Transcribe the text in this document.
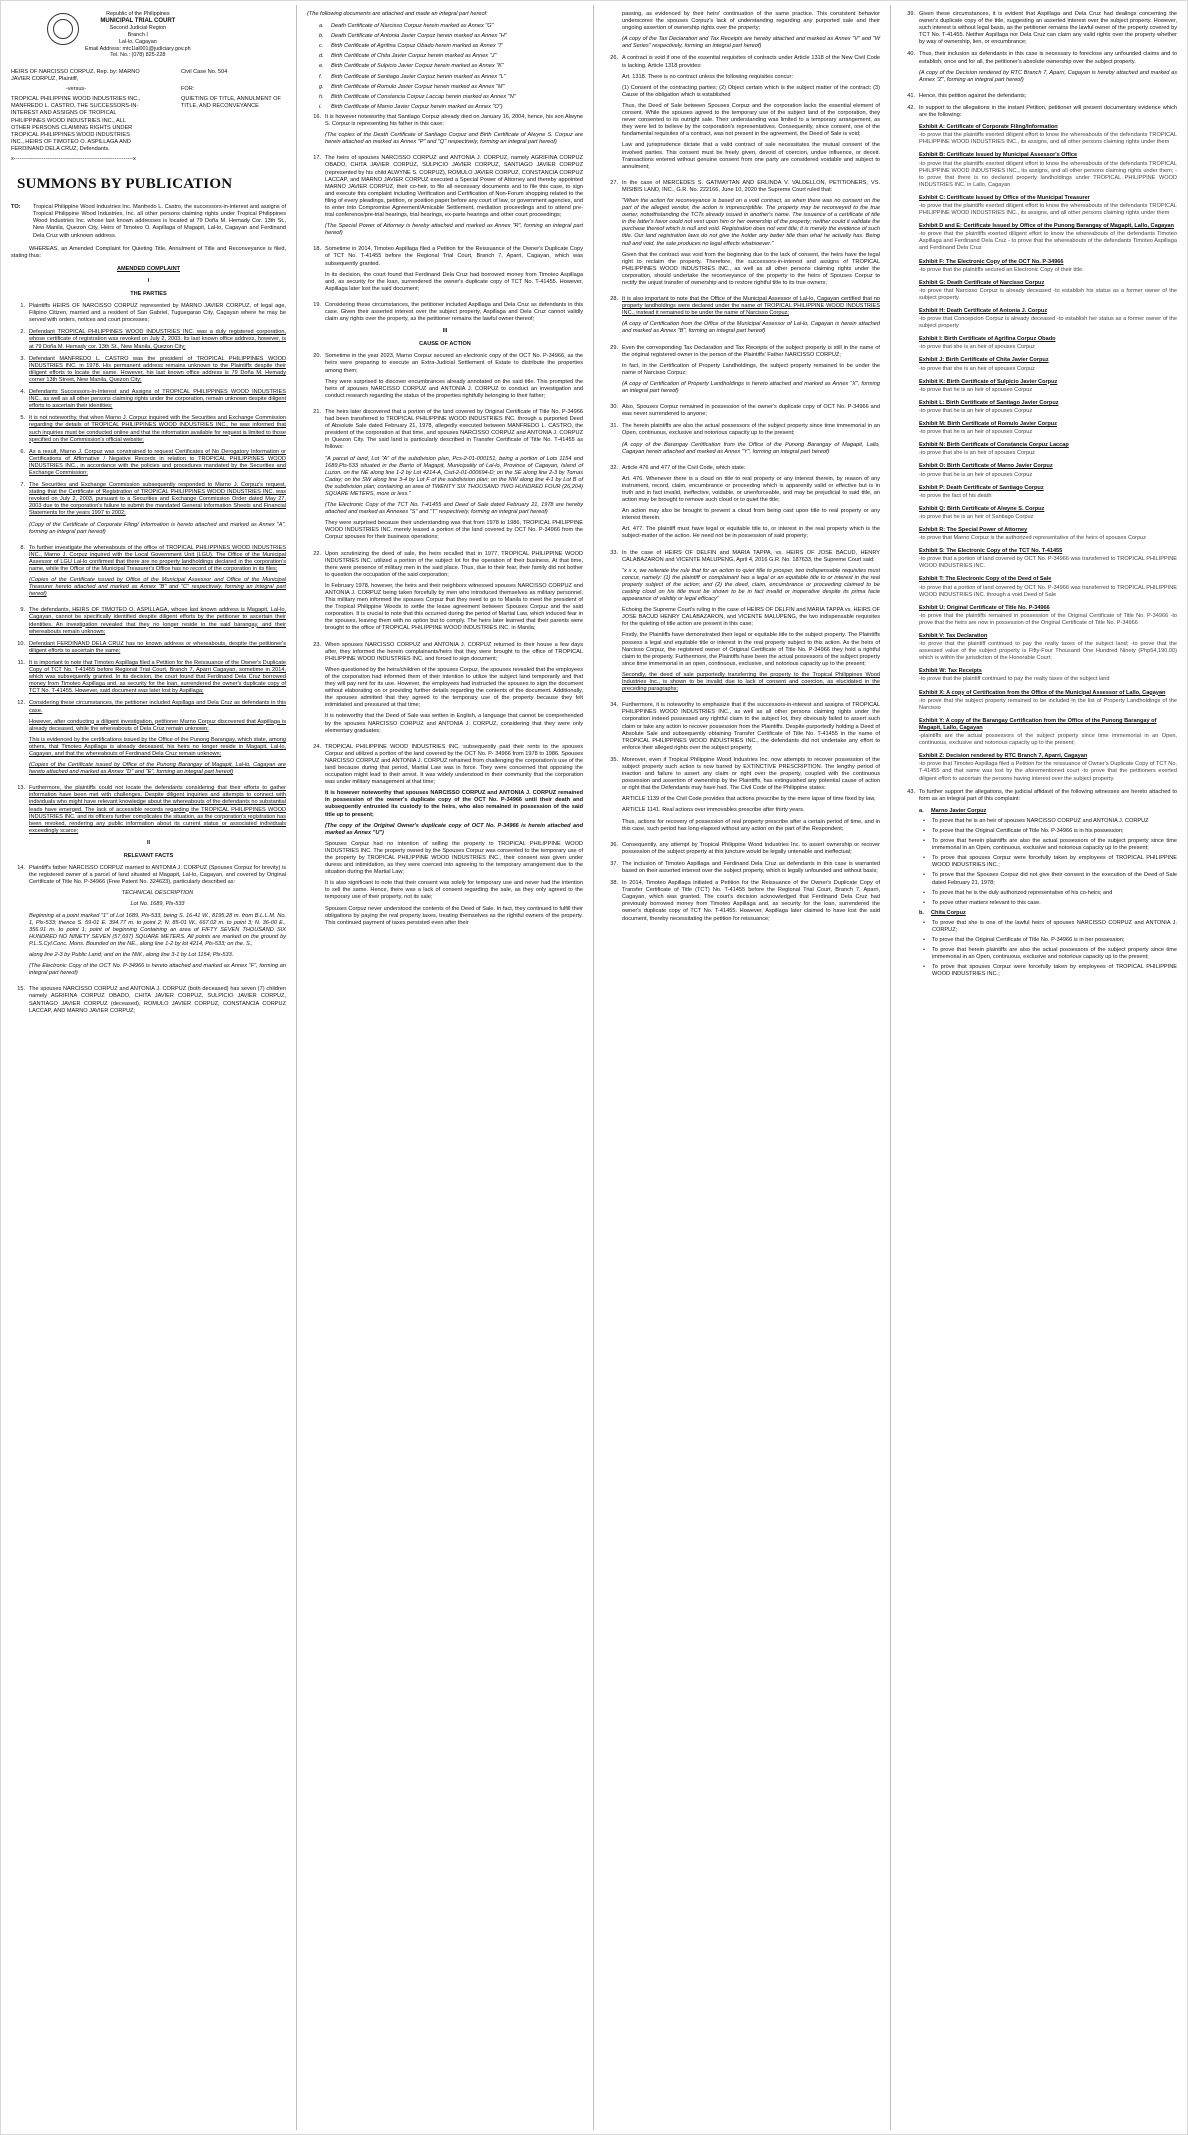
Republic of the Philippines
MUNICIPAL TRIAL COURT
Second Judicial Region
Branch I
Lal-lo, Cagayan
Email Address: mtc1lal001@judiciary.gov.ph
Tel. No.: (078) 825-228
HEIRS OF NARCISSO CORPUZ, Rep. by: MARNO JAVIER CORPUZ, Plaintiff,
Civil Case No. 504
-versus-	FOR:
TROPICAL PHILIPPINE WOOD INDUSTRIES INC., MANFREDO L. CASTRO, THE SUCCESSORS-IN-INTEREST AND ASSIGNS OF TROPICAL PHILIPPINES WOOD INDUSTRIES INC., ALL OTHER PERSONS CLAIMING RIGHTS UNDER TROPICAL PHILIPPINES WOOD INDUSTRIES INC., HEIRS OF TIMOTEO O. ASPILLAGA AND FERDINAND DELA CRUZ, Defendants.
QUIETING OF TITLE, ANNULMENT OF TITLE, AND RECONVEYANCE
x----------------------------------------------------------------x
SUMMONS BY PUBLICATION
TO:	Tropical Philippine Wood Industries Inc. Manfredo L. Castro, the successors-in-interest and assigns of Tropical Philippine Wood Industries, Inc. all other persons claiming rights under Tropical Philippines Wood Industries Inc. whose last known addresses is located at 79 Doña M. Hemady Cor. 13th St., New Manila, Quezon City, Heirs of Timoteo O. Aspillaga of Magapit, Lal-lo, Cagayan and Ferdinand Dela Cruz with unknown address.

WHEREAS, an Amended Complaint for Quieting Title, Annulment of Title and Reconveyance is filed, stating thus:

AMENDED COMPLAINT
I
THE PARTIES
1. Plaintiffs HEIRS OF NARCISSO CORPUZ represented by MARNO JAVIER CORPUZ, of legal age, Filipino Citizen, married and a resident of San Gabriel, Tuguegarao City, Cagayan where he may be served with orders, notices and court processes;
2. Defendant TROPICAL PHILIPPINES WOOD INDUSTRIES INC. was a duly registered corporation, whose certificate of registration was revoked on July 2, 2003. Its last known office address, however, is at 79 Doña M. Hemady cor. 13th St., New Manila, Quezon City;
3. Defendant MANFREDO L. CASTRO was the president of TROPICAL PHILIPPINES WOOD INDUSTRIES INC. in 1978. His permanent address remains unknown to the Plaintiffs despite their diligent efforts to locate the same. However, his last known office address is 79 Doña M. Hemady corner 13th Street, New Manila, Quezon City;
4. Defendants Successors-in-Interest and Assigns of TROPICAL PHILIPPINES WOOD INDUSTRIES INC., as well as all other persons claiming rights under the corporation, remain unknown despite diligent efforts to ascertain their identities;
5. It is not noteworthy, that when Marno J. Corpuz inquired with the Securities and Exchange Commission regarding the details of TROPICAL PHILIPPINES WOOD INDUSTRIES INC., he was informed that such inquiries must be conducted online and that the information available for request is limited to those specified on the Commission's official website;
6. As a result, Marno J. Corpuz was constrained to request Certificates of No Derogatory Information or Certifications of Affirmative / Negative Records in relation to TROPICAL PHILIPPINES WOOD INDUSTRIES INC., in accordance with the policies and procedures mandated by the Securities and Exchange Commission;
7. The Securities and Exchange Commission subsequently responded to Marno J. Corpuz's request, stating that the Certificate of Registration of TROPICAL PHILIPPINES WOOD INDUSTRIES INC. was revoked on July 2, 2003, pursuant to a Securities and Exchange Commission Order dated May 27, 2003 due to the corporation's failure to submit the mandated General Information Sheets and Financial Statements for the years 1997 to 2002;
(Copy of the Certificate of Corporate Filing/ Information is hereto attached and marked as Annex "A", forming an integral part hereof)
8. To further investigate the whereabouts of the office of TROPICAL PHILIPPINES WOOD INDUSTRIES INC., Marno J. Corpuz inquired with the Local Government Unit (LGU). The Office of the Municipal Assessor of LGU Lal-lo confirmed that there are no property landholdings declared in the corporation's name, while the Office of the Municipal Treasurer's Office has no record of the corporation in its files;
(Copies of the Certificate issued by Office of the Municipal Assessor and Office of the Municipal Treasurer hereto attached and marked as Annex "B" and "C" respectively, forming an integral part hereof)
9. The defendants, HEIRS OF TIMOTEO O. ASPILLAGA, whose last known address is Magapit, Lal-lo, Cagayan, cannot be specifically identified despite diligent efforts by the petitioner to ascertain their identities. An investigation revealed that they no longer reside in the said barangay, and their whereabouts remain unknown;
10. Defendant FERDINAND DELA CRUZ has no known address or whereabouts, despite the petitioner's diligent efforts to ascertain the same;
11. It is important to note that Timoteo Aspillaga filed a Petition for the Reissuance of the Owner's Duplicate Copy of TCT No. T-41455 before Regional Trial Court, Branch 7, Aparri Cagayan, sometime in 2014, which was subsequently granted. In its decision, the court found that Ferdinand Dela Cruz borrowed money from Timoteo Aspillaga and, as security for the loan, surrendered the owner's duplicate copy of TCT No. T-41455. However, said document was later lost by Aspillaga;
12. Considering these circumstances, the petitioner included Aspillaga and Dela Cruz as defendants in this case.
However, after conducting a diligent investigation, petitioner Marno Corpuz discovered that Aspillaga is already deceased, while the whereabouts of Dela Cruz remain unknown;
This is evidenced by the certifications issued by the Office of the Punong Barangay, which state, among others, that Timoteo Aspillaga is already deceased, his heirs no longer reside in Magapit, Lal-lo, Cagayan, and that the whereabouts of Ferdinand Dela Cruz remain unknown;
(Copies of the Certificate issued by Office of the Punong Barangay of Magapit, Lal-lo, Cagayan are hereto attached and marked as Annex "D" and "E", forming an integral part hereof)
13. Furthermore, the plaintiffs could not locate the defendants considering that their efforts to gather information have been met with challenges. Despite diligent inquiries and attempts to connect with individuals who might have relevant knowledge about the whereabouts of the defendants no substantial leads have emerged. The lack of accessible records regarding the TROPICAL PHILIPPINES WOOD INDUSTRIES INC. and its officers further complicates the situation, as the corporation's registration has been revoked, rendering any public information about its current status or associated individuals exceedingly scarce;
II
RELEVANT FACTS
14. Plaintiff's father NARCISSO CORPUZ married to ANTONIA J. CORPUZ (Spouses Corpuz for brevity) is the registered owner of a parcel of land situated at Magapit, Lal-lo, Cagayan, and covered by Original Certificate of Title No. P-34966 (Free Patent No. 324623), particularly described as:
TECHNICAL DESCRIPTION
Lot No. 1689, Pls-533
Beginning at a point marked "1" of Lot 1689, Pls-533, being S. 16-41 W., 8195.28 m. from B.L.L.M. No. 1, Pls-533; thence S. 59-01 E. 394.77 m. to point 2; N. 85-01 W., 667.02 m. to point 3; N. 36-00 E., 356.91 m. to point 1; point of beginning Containing an area of FIFTY SEVEN THOUSAND SIX HUNDRED NO NINETY SEVEN (57,697) SQUARE METERS. All points are marked on the ground by P.L.S.Cyl.Conc. Mons. Bounded on the NE., along line 1-2 by lot 4214, Pls-533; on the. S.,
along line 2-3 by Public Land; and on the NW., along line 3-1 by Lot 1154, Pls-533.
(The Electronic Copy of the OCT No. P-34966 is hereto attached and marked as Annex "F", forming an integral part hereof)
15. The spouses NARCISSO CORPUZ and ANTONIA J. CORPUZ (both deceased) has seven (7) children namely AGRIFINA CORPUZ OBADO, CHITA JAVIER CORPUZ, SULPICIO JAVIER CORPUZ, SANTIAGO JAVIER CORPUZ (deceased), ROMULO JAVIER CORPUZ, CONSTANCIA CORPUZ LACCAP, AND MARNO JAVIER CORPUZ;

(The following documents are attached and made an integral part hereof:

a.	Death Certificate of Narcisso Corpuz herein marked as Annex "G"
b.	Death Certificate of Antonia Javier Corpuz herein marked as Annex "H"
c.	Birth Certificate of Agrifina Corpuz Obado herein marked as Annex "I"
d.	Birth Certificate of Chita Javier Corpuz herein marked as Annex "J"
e.	Birth Certificate of Sulpicio Javier Corpuz herein marked as Annex "K"
f.	Birth Certificate of Santiago Javier Corpuz herein marked as Annex "L"
g.	Birth Certificate of Romulo Javier Corpuz herein marked as Annex "M"
h.	Birth Certificate of Constancia Corpuz Laccap herein marked as Annex "N"
i.	Birth Certificate of Marno Javier Corpuz herein marked as Annex "O")
16. It is however noteworthy that Santiago Corpuz already died on January 16, 2004, hence, his son Alwyne S. Corpuz is representing his father in this case;
(The copies of the Death Certificate of Santiago Corpuz and Birth Certificate of Alwyne S. Corpuz are herein attached an marked as Annex "P" and "Q" respectively, forming an integral part hereof)
17. The heirs of spouses NARCISSO CORPUZ and ANTONIA J. CORPUZ, namely AGRIFINA CORPUZ OBADO, CHITA JAVIER CORPUZ, SULPICIO JAVIER CORPUZ, SANTIAGO JAVIER CORPUZ (represented by his child ALWYNE S. CORPUZ), ROMULO JAVIER CORPUZ, CONSTANCIA CORPUZ LACCAP, and MARNO JAVIER CORPUZ executed a Special Power of Attorney and thereby appointed MARNO JAVIER CORPUZ, their co-heir, to file all necessary documents and to file this case, to sign and execute this complaint including Verification and Certification of Non-Forum shopping related to the filing of every pleadings, petition, or position paper before any court of law, or government agencies, and to enter into Compromise Agreement/Amicable Settlement, mediation proceedings and to attend pre-trial conference/pre-trial hearings, trial hearings, ex-parte hearings and other court proceedings;
(The Special Power of Attorney is hereby attached and marked as Annex "R", forming an integral part hereof)
18. Sometime in 2014, Timoteo Aspillaga filed a Petition for the Reissuance of the Owner's Duplicate Copy of TCT No. T-41455 before the Regional Trial Court, Branch 7, Aparri, Cagayan, which was subsequently granted.
In its decision, the court found that Ferdinand Dela Cruz had borrowed money from Timoteo Aspillaga and, as security for the loan, surrendered the owner's duplicate copy of TCT No. T-41455. However, Aspillaga later lost the said document;
19. Considering these circumstances, the petitioner included Aspillaga and Dela Cruz as defendants in this case. Given their asserted interest over the subject property, Aspillaga and Dela Cruz cannot validly claim any rights over the property, as the petitioner remains the lawful owner thereof;
III
CAUSE OF ACTION
20. Sometime in the year 2023, Marno Corpuz secured an electronic copy of the OCT No. P-34966, as the heirs were preparing to execute an Extra-Judicial Settlement of Estate to distribute the properties among them;
They were surprised to discover encumbrances already annotated on the said title. This prompted the heirs of spouses NARCISSO CORPUZ and ANTONIA J. CORPUZ to conduct an investigation and conduct research regarding the status of the properties rightfully belonging to their father;
21. The heirs later discovered that a portion of the land covered by Original Certificate of Title No. P-34966 had been transferred to TROPICAL PHILIPPINE WOOD INDUSTRIES INC. through a purported Deed of Absolute Sale dated February 21, 1978, allegedly executed between MANFREDO L. CASTRO, the president of the corporation at that time, and spouses NARCISSO CORPUZ and ANTONIA J. CORPUZ in Quezon City. The said land is particularly described in Transfer Certificate of Title No. T-41455 as follows:
"A parcel of land, Lot "A" of the subdivision plan, Pcs-2-01-000151, being a portion of Lots 1154 and 1689,Pls-533 situated in the Barrio of Magapit, Municipality of Lal-lo, Province of Cagayan, Island of Luzon. on the NE along line 1-2 by Lot 4214-A, Csd-2-01-000694-D; on the SE along line 2-3 by Tomas Caday; on the SW along line 3-4 by Lot F of the subdivision plan; on the NW along line 4-1 by Lot B of the subdivision plan; containing an area of TWENTY SIX THOUSAND TWO HUNDRED FOUR (26,204) SQUARE METERS, more or less."
(The Electronic Copy of the TCT No. T-41455 and Deed of Sale dated February 21, 1978 are hereby attached and marked as Annexes "S" and "T" respectively, forming an integral part hereof)
They were surprised because their understanding was that from 1978 to 1986, TROPICAL PHILIPPINE WOOD INDUSTRIES INC. merely leased a portion of the land covered by OCT No. P-34966 from the Corpuz spouses for their business operations;
22. Upon scrutinizing the deed of sale, the heirs recalled that in 1977, TROPICAL PHILIPPINE WOOD INDUSTRIES INC. utilized a portion of the subject lot for the operation of their business. At that time, there were presence of military men in the said place. Thus, due to their fear, their family did not bother to question the occupation of the said corporation;
In February 1978, however, the heirs and their neighbors witnessed spouses NARCISSO CORPUZ and ANTONIA J. CORPUZ being taken forcefully by men who introduced themselves as military personnel. This military men informed the spouses Corpuz that they need to go to Manila to meet the president of the Tropical Philippine Woods to settle the lease agreement between Spouses Corpuz and the said corporation. It is crucial to note that this occurred during the period of Martial Law, which induced fear in the spouses, leaving them with no option but to comply. The heirs later learned that their parents were brought to the office of TROPICAL PHILIPPINE WOOD INDUSTRIES INC. in Manila;
23. When spouses NARCISSO CORPUZ and ANTONIA J. CORPUZ returned to their house a few days after, they informed the herein complainants/heirs that they were brought to the office of TROPICAL PHILIPPINE WOOD INDUSTRIES INC. and forced to sign document;
When questioned by the heirs/children of the spouses Corpuz, the spouses revealed that the employees of the corporation had informed them of their intention to utilize the subject land temporarily and that they will pay rent for its use. However, the employees had instructed the spouses to sign the document without elaborating on or providing further details regarding the contents of the document. Additionally, the spouses admitted that they agreed to the temporary use of the property because they felt intimidated and pressured at that time;
It is noteworthy that the Deed of Sale was written in English, a language that cannot be comprehended by the spouses NARCISSO CORPUZ and ANTONIA J. CORPUZ, considering that they were only elementary graduates;
24. TROPICAL PHILIPPINE WOOD INDUSTRIES INC. subsequently paid their rents to the spouses Corpuz and utilized a portion of the land covered by the OCT No. P- 34966 from 1978 to 1986. Spouses NARCISSO CORPUZ and ANTONIA J. CORPUZ refrained from challenging the corporation's use of the land because during that period, Martial Law was in force. They were concerned that opposing the occupation might lead to their arrest. It was widely understood in their community that the corporation was under military management at that time;
It is however noteworthy that spouses NARCISSO CORPUZ and ANTONIA J. CORPUZ remained in possession of the owner's duplicate copy of the OCT No. P-34966 until their death and subsequently entrusted its custody to the heirs, who also remained in possession of the said title up to present;
(The copy of the Original Owner's duplicate copy of OCT No. P-34966 is herein attached and marked as Annex "U")
Spouses Corpuz had no intention of selling the property to TROPICAL PHILIPPINE WOOD INDUSTRIES INC. The property owned by the Spouses Corpuz was consented to the temporary use of the property by TROPICAL PHILIPPINE WOOD INDUSTRIES INC., their consent was given under duress and intimidation, as they were coerced into agreeing to the temporary arrangement due to the situation during the Martial Law;
It is also significant to note that their consent was solely for temporary use and never had the intention to sell the same. Hence, there was a lack of consent regarding the sale, as they only agreed to the temporary use of their property, not its sale;
Spouses Corpuz never understood the contents of the Deed of Sale. In fact, they continued to fulfill their obligations by paying the real property taxes, treating themselves as the rightful owners of the property. This continued payment of taxes persisted even after their
passing, as evidenced by their heirs' continuation of the same practice. This consistent behavior underscores the spouses Corpuz's lack of understanding regarding any purported sale and their ongoing assertion of ownership rights over the property;
(A copy of the Tax Declaration and Tax Receipts are hereby attached and marked as Annex "V" and "W and Series" respectively, forming an integral part hereof)
26. A contract is void if one of the essential requisites of contracts under Article 1318 of the New Civil Code is lacking. Article 1318 provides:
Art. 1318. There is no contract unless the following requisites concur:
(1) Consent of the contracting parties; (2) Object certain which is the subject matter of the contract; (3) Cause of the obligation which is established
Thus, the Deed of Sale between Spouses Corpuz and the corporation lacks the essential element of consent. While the spouses agreed to the temporary use of the subject land of the corporation, they never consented to its outright sale. Their understanding was limited to a temporary arrangement, as they were led to believe by the corporation's representatives. Consequently, since consent, one of the fundamental requisites of a contract, was not present in the agreement, the Deed of Sale is void;
Law and jurisprudence dictate that a valid contract of sale necessitates the mutual consent of the involved parties. This consent must be freely given, devoid of coercion, undue influence, or deceit. Transactions entered without genuine consent from one party are considered voidable and subject to annulment;
27. In the case of MERCEDES S. GATMAYTAN AND ERLINDA V. VALDELLON, PETITIONERS, VS. MISIBIS LAND, INC., G.R. No. 222166, June 10, 2020 the Supreme Court ruled that:
"When the action for reconveyance is based on a void contract, as when there was no consent on the part of the alleged vendor, the action is imprescriptible. The property may be reconveyed to the true owner, notwithstanding the TCTs already issued in another's name. The issuance of a certificate of title in the latter's favor could not vest upon him or her ownership of the property; neither could it validate the purchase thereof which is null and void. Registration does not vest title; it is merely the evidence of such title. Our land registration laws do not give the holder any better title than what he actually has. Being null and void, the sale produces no legal effects whatsoever."
Given that the contract was void from the beginning due to the lack of consent, the heirs have the legal right to reclaim the property. Therefore, the successors-in-interest and assigns of TROPICAL PHILIPPINES WOOD INDUSTRIES INC., as well as all other persons claiming rights under the corporation, should undertake the reconveyance of the property to the heirs of Spouses Corpuz to rectify the unjust transfer of ownership and to restore rightful title to its true owners;
28. It is also important to note that the Office of the Municipal Assessor of Lal-lo, Cagayan certified that no property landholdings were declared under the name of TROPICAL PHILIPPINE WOOD INDUSTRIES INC., instead it remained to be under the name of Narcisso Corpuz;
(A copy of Certification from the Office of the Municipal Assessor of Lal-lo, Cagayan is herein attached and marked as Annex "B", forming an integral part hereof)
29. Even the corresponding Tax Declaration and Tax Receipts of the subject property is still in the name of the original registered owner in the person of the Plaintiffs' Father NARCISSO CORPUZ;
In fact, in the Certification of Property Landholdings, the subject property remained to be under the name of Narcisso Corpuz;
(A copy of Certification of Property Landholdings is hereto attached and marked as Annex "X", forming an integral part hereof)
30. Also, Spouses Corpuz remained in possession of the owner's duplicate copy of OCT No. P-34966 and was never surrendered to anyone;
31. The herein plaintiffs are also the actual possessors of the subject property since time immemorial in an Open, continuous, exclusive and notorious capacity up to the present;
(A copy of the Barangay Certification from the Office of the Punong Barangay of Magapit, Lallo, Cagayan herein attached and marked as Annex "Y", forming an integral part hereof)
32. Article 476 and 477 of the Civil Code, which state:
Art. 476. Whenever there is a cloud on title to real property or any interest therein, by reason of any instrument, record, claim, encumbrance or proceeding which is apparently valid or effective but is in truth and in fact invalid, ineffective, voidable, or unenforceable, and may be prejudicial to said title, an action may be brought to remove such cloud or to quiet the title;
An action may also be brought to prevent a cloud from being cast upon title to real property or any interest therein.
Art. 477. The plaintiff must have legal or equitable title to, or interest in the real property which is the subject-matter of the action. He need not be in possession of said property;
33. In the case of HEIRS OF DELFIN and MARIA TAPPA, vs. HEIRS OF JOSE BACUD, HENRY CALABAZARON and VICENTE MALUPENG, April 4, 2016 G.R. No. 187633, the Supreme Court said:
"x x x, we reiterate the rule that for an action to quiet title to prosper, two indispensable requisites must concur, namely: (1) the plaintiff or complainant has a legal or an equitable title to or interest in the real property subject of the action; and (2) the deed, claim, encumbrance or proceeding claimed to be casting cloud on his title must be shown to be in fact invalid or inoperative despite its prima facie appearance of validity or legal efficacy"
Echoing the Supreme Court's ruling in the case of HEIRS OF DELFIN and MARIA TAPPA vs. HEIRS OF JOSE BACUD HENRY CALABAZARON, and VICENTE MALUPENG, the two indispensable requisites for the quieting of title action are present in this case;
Firstly, the Plaintiffs have demonstrated their legal or equitable title to the subject property. The Plaintiffs possess a legal and equitable title or interest in the real property subject to this action. As the heirs of Narcisso Corpuz, the registered owner of Original Certificate of Title No. P-34966 they hold a rightful claim to the property. Furthermore, the Plaintiffs have been the actual possessors of the subject property since time immemorial in an open, continuous, exclusive, and notorious capacity up to the present;
Secondly, the deed of sale purportedly transferring the property to the Tropical Philippines Wood Industries Inc., is shown to be invalid due to lack of consent and coercion, as elucidated in the preceding paragraphs;
34. Furthermore, it is noteworthy to emphasize that if the successors-in-interest and assigns of TROPICAL PHILIPPINES WOOD INDUSTRIES INC., as well as all other persons claiming rights under the corporation indeed possessed any rightful claim to the subject lot, they obviously failed to assert such claim or take any action to recover possession from the Plaintiffs. Despite purportedly holding a Deed of Absolute Sale and subsequently obtaining Transfer Certificate of Title No. T-41455 in the name of TROPICAL PHILIPPINES WOOD INDUSTRIES INC., the defendants did not undertake any effort to enforce their alleged rights over the subject property;
35. Moreover, even if Tropical Philippine Wood Industries Inc. now attempts to recover possession of the subject property such action is now barred by EXTINCTIVE PRESCRIPTION. The lengthy period of inaction and failure to assert any claim or right over the property, coupled with the continuous possession and assertion of ownership by the Plaintiffs, has extinguished any potential cause of action or right that the Defendants may have had. The Civil Code of the Philippine states:
ARTICLE 1139 of the Civil Code provides that actions prescribe by the mere lapse of time fixed by law,
ARTICLE 1141. Real actions over immovables prescribe after thirty years.
Thus, actions for recovery of possession of real property prescribe after a certain period of time, and in this case, such period has long elapsed without any action on the part of the Respondent;
36. Consequently, any attempt by Tropical Philippine Wood Industries Inc. to assert ownership or recover possession of the subject property at this juncture would be legally untenable and ineffectual;
37. The inclusion of Timoteo Aspillaga and Ferdinand Dela Cruz as defendants in this case is warranted based on their asserted interest over the subject property, which is legally unfounded and without basis;
38. In 2014, Timoteo Aspillaga initiated a Petition for the Reissuance of the Owner's Duplicate Copy of Transfer Certificate of Title (TCT) No. T-41455 before the Regional Trial Court, Branch 7, Aparri, Cagayan, which was granted. The court's decision acknowledged that Ferdinand Dela Cruz had previously borrowed money from Timoteo Aspillaga and, as security for the loan, surrendered the owner's duplicate copy of TCT No. T-41455. However, Aspillaga later claimed to have lost the said document, thereby necessitating the petition for reissuance;
39. Given these circumstances, it is evident that Aspillaga and Dela Cruz had dealings concerning the owner's duplicate copy of the title, suggesting an asserted interest over the subject property. However, such interest is without legal basis, as the petitioner remains the lawful owner of the property covered by TCT No. T-41455. Neither Aspillaga nor Dela Cruz can claim any valid rights over the property whether by way of ownership, lien, or encumbrance;
40. Thus, their inclusion as defendants in this case is necessary to foreclose any unfounded claims and to establish, once and for all, the petitioner's absolute ownership over the subject property.
(A copy of the Decision rendered by RTC Branch 7, Aparri, Cagayan is hereby attached and marked as Annex "Z", forming an integral part hereof)
41. Hence, this petition against the defendants;
42. In support to the allegations in the instant Petition, petitioner will present documentary evidence which are the following:
Exhibit A: Certificate of Corporate Filing/Information
-to prove that the plaintiffs exerted diligent effort to know the whereabouts of the defendants TROPICAL PHILIPPINE WOOD INDUSTRIES INC., its assigns, and all other persons claiming rights under them
Exhibit B: Certificate Issued by Municipal Assessor's Office
-to prove that the plaintiffs exerted diligent effort to know the whereabouts of the defendants TROPICAL PHILIPPINE WOOD INDUSTRIES INC., its assigns, and all other persons claiming rights under them; -to prove that there is no declared property landholdings under TROPICAL PHILIPPINE WOOD INDUSTRIES INC. in Lallo, Cagayan
Exhibit C: Certificate Issued by Office of the Municipal Treasurer
-to prove that the plaintiffs exerted diligent effort to know the whereabouts of the defendants TROPICAL PHILIPPINE WOOD INDUSTRIES INC., its assigns, and all other persons claiming rights under them
Exhibit D and E: Certificate Issued by Office of the Punong Barangay of Magapit, Lallo, Cagayan
-to prove that the plaintiffs exerted diligent effort to know the whereabouts of the defendants Timoteo Aspillaga and Ferdinand Dela Cruz - to prove that the whereabouts of the defendants Timoteo Aspillaga and Ferdinand Dela Cruz
Exhibit F: The Electronic Copy of the OCT No. P-34966
-to prove that the plaintiffs secured an Electronic Copy of their title.
Exhibit G: Death Certificate of Narcisso Corpuz
-to prove that Narcisso Corpuz is already deceased -to establish his status as a former owner of the subject property
Exhibit H: Death Certificate of Antonia J. Corpuz
-to prove that Concepcion Corpuz is already deceased -to establish her status as a former owner of the subject property
Exhibit I: Birth Certificate of Agrifina Corpuz Obado
-to prove that she is an heir of spouses Corpuz
Exhibit J: Birth Certificate of Chita Javier Corpuz
-to prove that she is an heir of spouses Corpuz
Exhibit K: Birth Certificate of Sulpicio Javier Corpuz
-to prove that he is an heir of spouses Corpuz
Exhibit L: Birth Certificate of Santiago Javier Corpuz
-to prove that he is an heir of spouses Corpuz
Exhibit M: Birth Certificate of Romulo Javier Corpuz
-to prove that he is an heir of spouses Corpuz
Exhibit N: Birth Certificate of Constancia Corpuz Laccap
-to prove that she is an heir of spouses Corpuz
Exhibit O: Birth Certificate of Marno Javier Corpuz
-to prove that he is an heir of spouses Corpuz
Exhibit P: Death Certificate of Santiago Corpuz
-to prove the fact of his death
Exhibit Q: Birth Certificate of Alwyne S. Corpuz
-to prove that he is an heir of Santiago Corpuz
Exhibit R: The Special Power of Attorney
-to prove that Marno Corpuz is the authorized representative of the heirs of spouses Corpuz
Exhibit S: The Electronic Copy of the TCT No. T-41455
-to prove that a portion of land covered by OCT No. P-34966 was transferred to TROPICAL PHILIPPINE WOOD INDUSTRIES INC.
Exhibit T: The Electronic Copy of the Deed of Sale
-to prove that a portion of land covered by OCT No. P-34966 was transferred to TROPICAL PHILIPPINE WOOD INDUSTRIES INC. through a void Deed of Sale
Exhibit U: Original Certificate of Title No. P-34966
-to prove that the plaintiffs remained in possession of the Original Certificate of Title No. P-34966 -to prove that the heirs are now in possession of the Original Certificate of Title No. P-34966
Exhibit V: Tax Declaration
-to prove that the plaintiff continued to pay the realty taxes of the subject land; -to prove that the assessed value of the subject property is Fifty-Four Thousand One Hundred Ninety (Php54,190.00) which is within the jurisdiction of the Honorable Court;
Exhibit W: Tax Receipts
-to prove that the plaintiff continued to pay the realty taxes of the subject land
Exhibit X: A copy of Certification from the Office of the Municipal Assessor of Lallo, Cagayan
-to prove that the subject property remained to be included in the list of Property Landholdings of the Narcisso
Exhibit Y: A copy of the Barangay Certification from the Office of the Punong Barangay of Magapit, Lallo, Cagayan
-plaintiffs are the actual possessors of the subject property since time immemorial in an Open, continuous, exclusive and notorious capacity up to the present;
Exhibit Z: Decision rendered by RTC Branch 7, Aparri, Cagayan
-to prove that Timoteo Aspillaga filed a Petition for the reissuance of Owner's Duplicate Copy of TCT No. T-41455 and that same was lost by the aforementioned court -to prove that the petitioners exerted diligent effort to ascertain the persons having interest over the subject property.
43. To further support the allegations, the judicial affidavit of the following witnesses are hereto attached to form as an integral part of this complaint:
a.	Marno Javier Corpuz
•	To prove that he is an heir of spouses NARCISSO CORPUZ and ANTONIA J. CORPUZ
•	To prove that the Original Certificate of Title No. P-34966 is in his possession;
•	To prove that herein plaintiffs are also the actual possessors of the subject property since time immemorial in an Open, continuous, exclusive and notorious capacity up to the present;
•	To prove that spouses Corpuz were forcefully taken by employees of TROPICAL PHILIPPINE WOOD INDUSTRIES INC.;
•	To prove that the Spouses Corpuz did not give their consent in the execution of the Deed of Sale dated February 21, 1978;
•	To prove that he is the duly authorized representative of his co-heirs; and
•	To prove other matters relevant to this case.
b.	Chita Corpuz
•	To prove that she is one of the lawful heirs of spouses NARCISSO CORPUZ and ANTONIA J. CORPUZ;
•	To prove that the Original Certificate of Title No. P-34966 is in her possession;
•	To prove that herein plaintiffs are also the actual possessors of the subject property since time immemorial in an Open, continuous, exclusive and notorious capacity up to the present;
•	To prove that spouses Corpuz were forcefully taken by employees of TROPICAL PHILIPPINE WOOD INDUSTRIES INC.;
